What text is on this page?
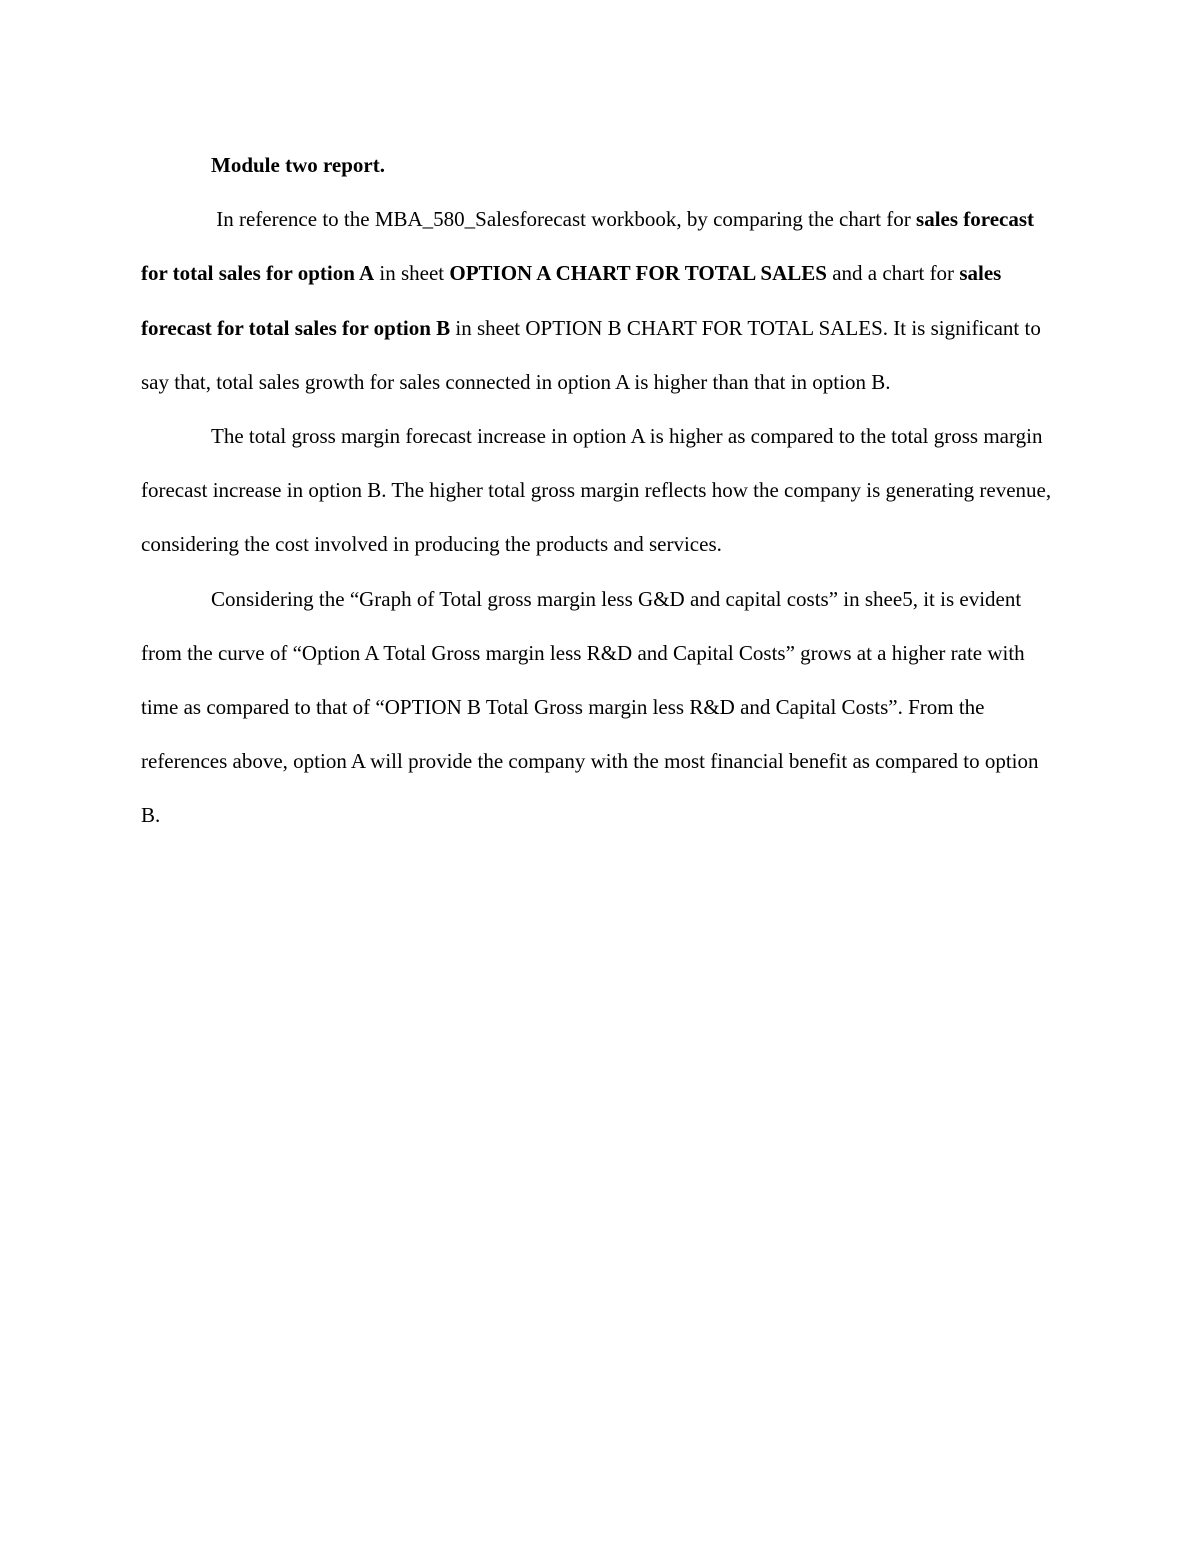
Module two report.

In reference to the MBA_580_Salesforecast workbook, by comparing the chart for sales forecast for total sales for option A in sheet OPTION A CHART FOR TOTAL SALES and a chart for sales forecast for total sales for option B in sheet OPTION B CHART FOR TOTAL SALES. It is significant to say that, total sales growth for sales connected in option A is higher than that in option B.

The total gross margin forecast increase in option A is higher as compared to the total gross margin forecast increase in option B. The higher total gross margin reflects how the company is generating revenue, considering the cost involved in producing the products and services.

Considering the “Graph of Total gross margin less G&D and capital costs” in shee5, it is evident from the curve of “Option A Total Gross margin less R&D and Capital Costs” grows at a higher rate with time as compared to that of “OPTION B Total Gross margin less R&D and Capital Costs”. From the references above, option A will provide the company with the most financial benefit as compared to option B.
